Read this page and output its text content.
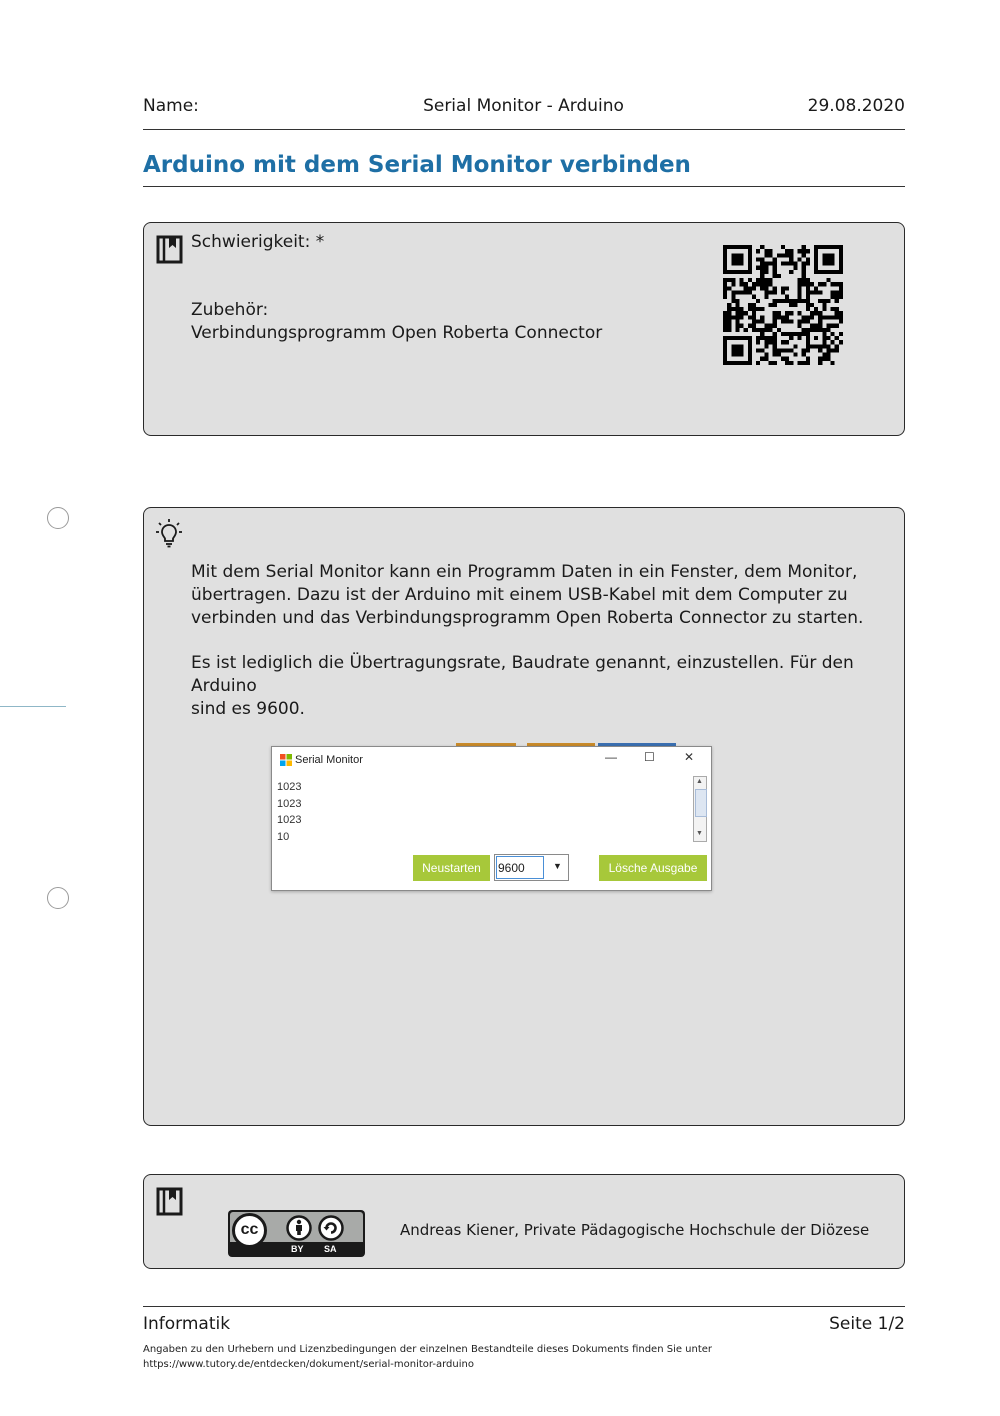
Name:	Serial Monitor - Arduino	29.08.2020
Arduino mit dem Serial Monitor verbinden
Schwierigkeit: *
Zubehör:
Verbindungsprogramm Open Roberta Connector
Mit dem Serial Monitor kann ein Programm Daten in ein Fenster, dem Monitor,
übertragen. Dazu ist der Arduino mit einem USB-Kabel mit dem Computer zu
verbinden und das Verbindungsprogramm Open Roberta Connector zu starten.
Es ist lediglich die Übertragungsrate, Baudrate genannt, einzustellen. Für den Arduino
sind es 9600.
Serial Monitor	— ☐ ✕
1023
1023
1023
10
▲
▼
Neustarten	9600	▼	Lösche Ausgabe
cc
BY SA
Andreas Kiener, Private Pädagogische Hochschule der Diözese
Informatik	Seite 1/2
Angaben zu den Urhebern und Lizenzbedingungen der einzelnen Bestandteile dieses Dokuments finden Sie unter
https://www.tutory.de/entdecken/dokument/serial-monitor-arduino
